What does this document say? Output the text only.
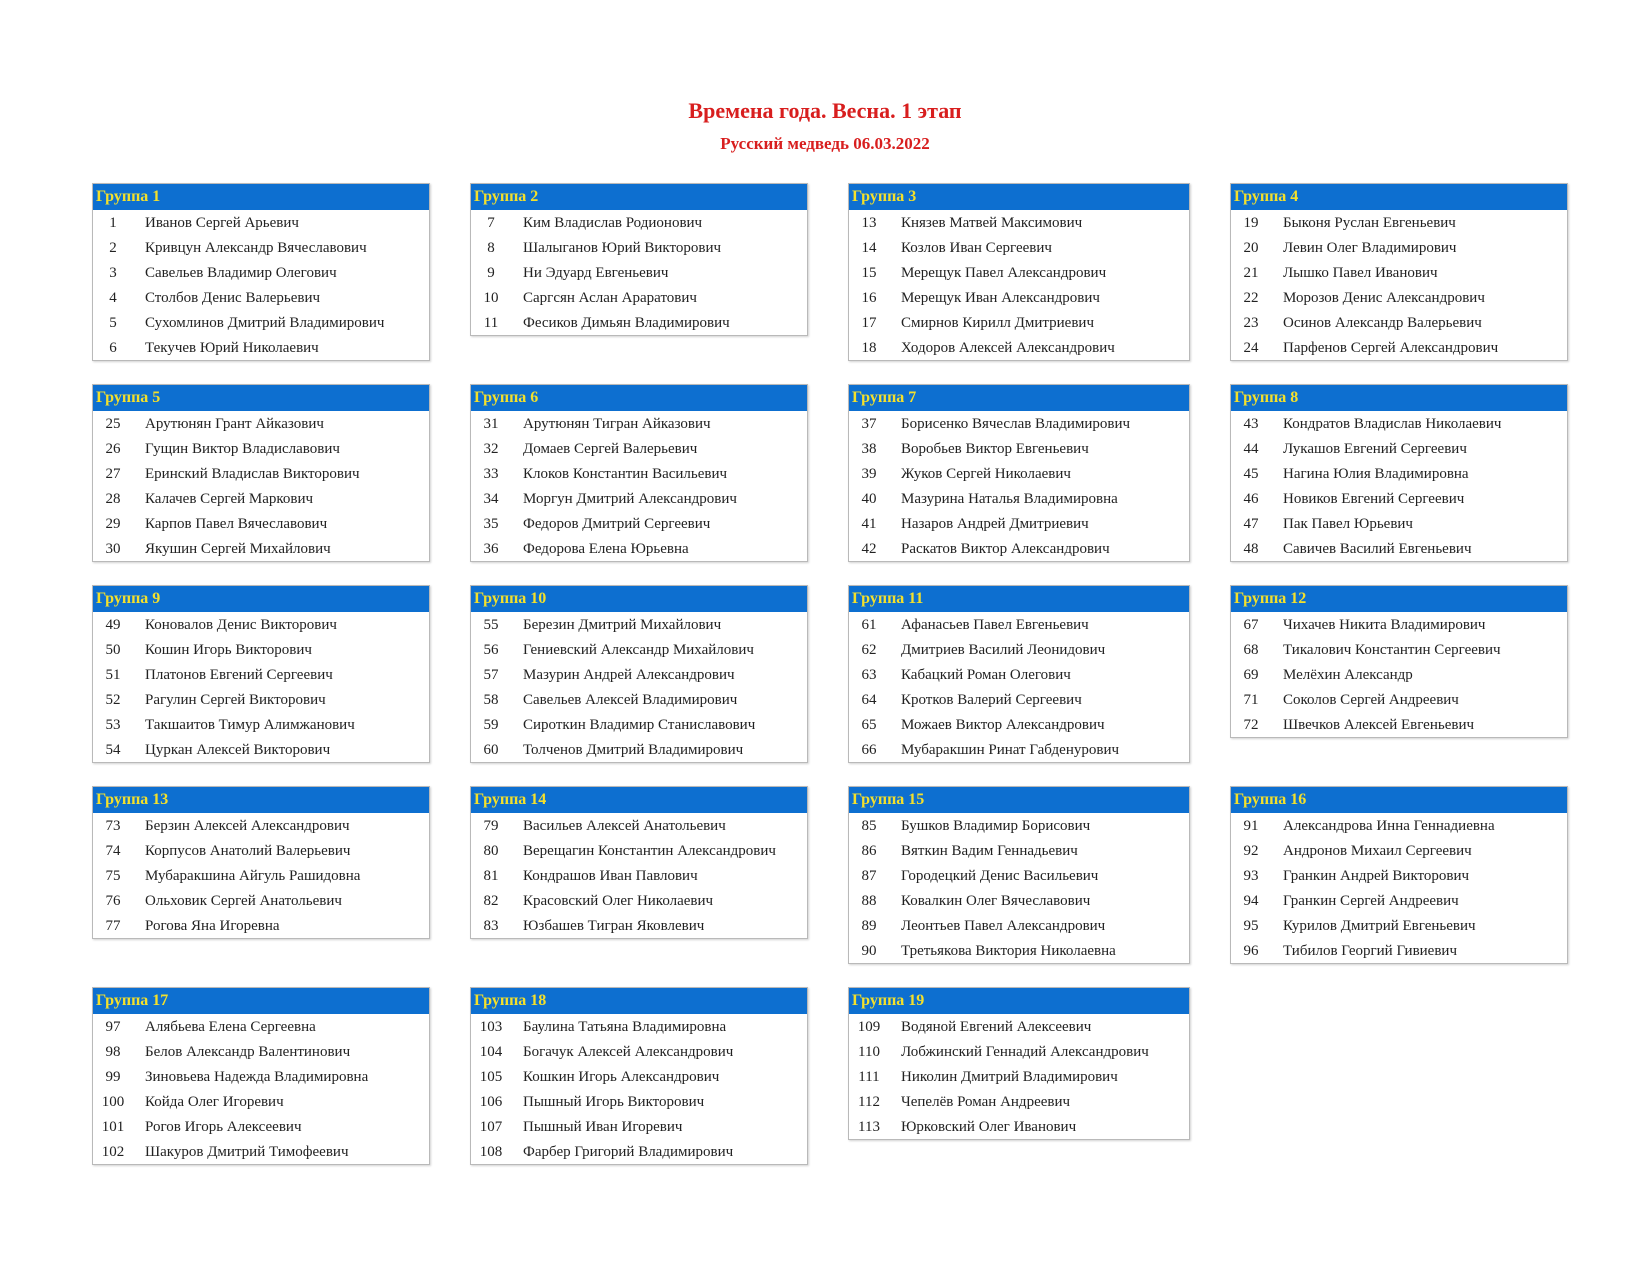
Времена года. Весна. 1 этап
Русский медведь 06.03.2022
Группа 1
1	Иванов Сергей Арьевич
2	Кривцун Александр Вячеславович
3	Савельев Владимир Олегович
4	Столбов Денис Валерьевич
5	Сухомлинов Дмитрий Владимирович
6	Текучев Юрий Николаевич
Группа 2
7	Ким Владислав Родионович
8	Шалыганов Юрий Викторович
9	Ни Эдуард Евгеньевич
10	Саргсян Аслан Араратович
11	Фесиков Димьян Владимирович
Группа 3
13	Князев Матвей Максимович
14	Козлов Иван Сергеевич
15	Мерещук Павел Александрович
16	Мерещук Иван Александрович
17	Смирнов Кирилл Дмитриевич
18	Ходоров Алексей Александрович
Группа 4
19	Быконя Руслан Евгеньевич
20	Левин Олег Владимирович
21	Лышко Павел Иванович
22	Морозов Денис Александрович
23	Осинов Александр Валерьевич
24	Парфенов Сергей Александрович
Группа 5
25	Арутюнян Грант Айказович
26	Гущин Виктор Владиславович
27	Еринский Владислав Викторович
28	Калачев Сергей Маркович
29	Карпов Павел Вячеславович
30	Якушин Сергей Михайлович
Группа 6
31	Арутюнян Тигран Айказович
32	Домаев Сергей Валерьевич
33	Клоков Константин Васильевич
34	Моргун Дмитрий Александрович
35	Федоров Дмитрий Сергеевич
36	Федорова Елена Юрьевна
Группа 7
37	Борисенко Вячеслав Владимирович
38	Воробьев Виктор Евгеньевич
39	Жуков Сергей Николаевич
40	Мазурина Наталья Владимировна
41	Назаров Андрей Дмитриевич
42	Раскатов Виктор Александрович
Группа 8
43	Кондратов Владислав Николаевич
44	Лукашов Евгений Сергеевич
45	Нагина Юлия Владимировна
46	Новиков Евгений Сергеевич
47	Пак Павел Юрьевич
48	Савичев Василий Евгеньевич
Группа 9
49	Коновалов Денис Викторович
50	Кошин Игорь Викторович
51	Платонов Евгений Сергеевич
52	Рагулин Сергей Викторович
53	Такшаитов Тимур Алимжанович
54	Цуркан Алексей Викторович
Группа 10
55	Березин Дмитрий Михайлович
56	Гениевский Александр Михайлович
57	Мазурин Андрей Александрович
58	Савельев Алексей Владимирович
59	Сироткин Владимир Станиславович
60	Толченов Дмитрий Владимирович
Группа 11
61	Афанасьев Павел Евгеньевич
62	Дмитриев Василий Леонидович
63	Кабацкий Роман Олегович
64	Кротков Валерий Сергеевич
65	Можаев Виктор Александрович
66	Мубаракшин Ринат Габденурович
Группа 12
67	Чихачев Никита Владимирович
68	Тикалович Константин Сергеевич
69	Мелёхин Александр
71	Соколов Сергей Андреевич
72	Швечков Алексей Евгеньевич
Группа 13
73	Берзин Алексей Александрович
74	Корпусов Анатолий Валерьевич
75	Мубаракшина Айгуль Рашидовна
76	Ольховик Сергей Анатольевич
77	Рогова Яна Игоревна
Группа 14
79	Васильев Алексей Анатольевич
80	Верещагин Константин Александрович
81	Кондрашов Иван Павлович
82	Красовский Олег Николаевич
83	Юзбашев Тигран Яковлевич
Группа 15
85	Бушков Владимир Борисович
86	Вяткин Вадим Геннадьевич
87	Городецкий Денис Васильевич
88	Ковалкин Олег Вячеславович
89	Леонтьев Павел Александрович
90	Третьякова Виктория Николаевна
Группа 16
91	Александрова Инна Геннадиевна
92	Андронов Михаил Сергеевич
93	Гранкин Андрей Викторович
94	Гранкин Сергей Андреевич
95	Курилов Дмитрий Евгеньевич
96	Тибилов Георгий Гивиевич
Группа 17
97	Алябьева Елена Сергеевна
98	Белов Александр Валентинович
99	Зиновьева Надежда Владимировна
100	Койда Олег Игоревич
101	Рогов Игорь Алексеевич
102	Шакуров Дмитрий Тимофеевич
Группа 18
103	Баулина Татьяна Владимировна
104	Богачук Алексей Александрович
105	Кошкин Игорь Александрович
106	Пышный Игорь Викторович
107	Пышный Иван Игоревич
108	Фарбер Григорий Владимирович
Группа 19
109	Водяной Евгений Алексеевич
110	Лобжинский Геннадий Александрович
111	Николин Дмитрий Владимирович
112	Чепелёв Роман Андреевич
113	Юрковский Олег Иванович
